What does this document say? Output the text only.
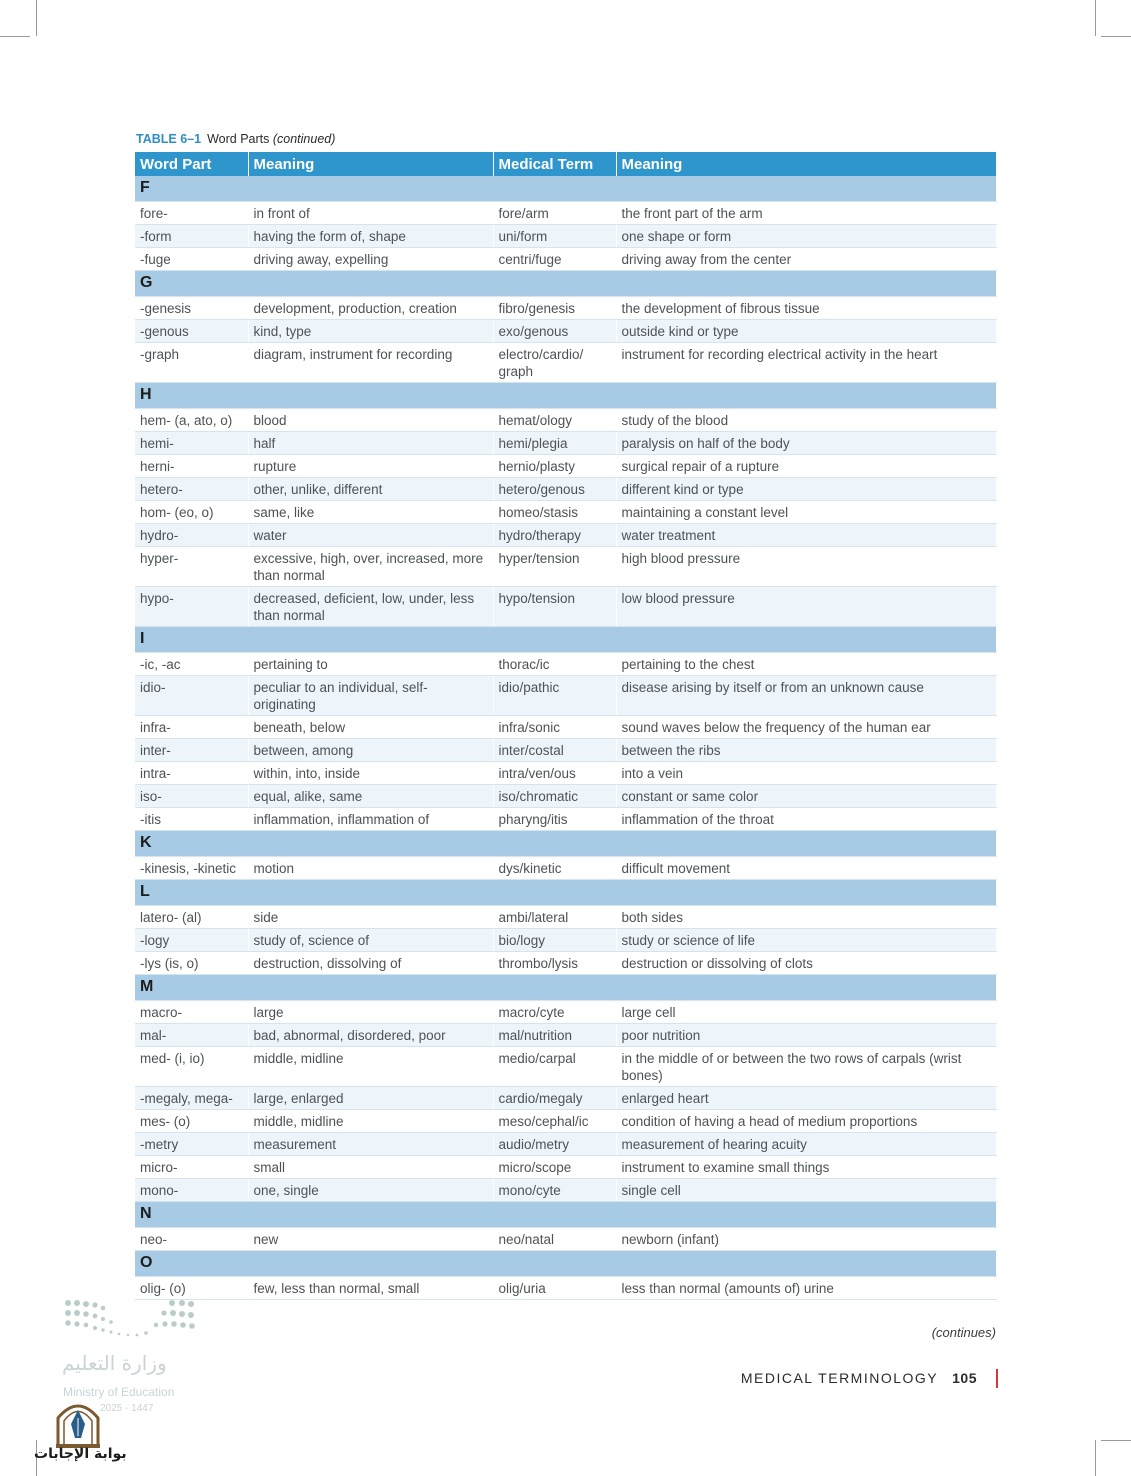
TABLE 6–1 Word Parts (continued)
Word Part	Meaning	Medical Term	Meaning
F			
fore-	in front of	fore/arm	the front part of the arm
-form	having the form of, shape	uni/form	one shape or form
-fuge	driving away, expelling	centri/fuge	driving away from the center
G			
-genesis	development, production, creation	fibro/genesis	the development of fibrous tissue
-genous	kind, type	exo/genous	outside kind or type
-graph	diagram, instrument for recording	electro/cardio/ graph	instrument for recording electrical activity in the heart
H			
hem- (a, ato, o)	blood	hemat/ology	study of the blood
hemi-	half	hemi/plegia	paralysis on half of the body
herni-	rupture	hernio/plasty	surgical repair of a rupture
hetero-	other, unlike, different	hetero/genous	different kind or type
hom- (eo, o)	same, like	homeo/stasis	maintaining a constant level
hydro-	water	hydro/therapy	water treatment
hyper-	excessive, high, over, increased, more than normal	hyper/tension	high blood pressure
hypo-	decreased, deficient, low, under, less than normal	hypo/tension	low blood pressure
I			
-ic, -ac	pertaining to	thorac/ic	pertaining to the chest
idio-	peculiar to an individual, self-originating	idio/pathic	disease arising by itself or from an unknown cause
infra-	beneath, below	infra/sonic	sound waves below the frequency of the human ear
inter-	between, among	inter/costal	between the ribs
intra-	within, into, inside	intra/ven/ous	into a vein
iso-	equal, alike, same	iso/chromatic	constant or same color
-itis	inflammation, inflammation of	pharyng/itis	inflammation of the throat
K			
-kinesis, -kinetic	motion	dys/kinetic	difficult movement
L			
latero- (al)	side	ambi/lateral	both sides
-logy	study of, science of	bio/logy	study or science of life
-lys (is, o)	destruction, dissolving of	thrombo/lysis	destruction or dissolving of clots
M			
macro-	large	macro/cyte	large cell
mal-	bad, abnormal, disordered, poor	mal/nutrition	poor nutrition
med- (i, io)	middle, midline	medio/carpal	in the middle of or between the two rows of carpals (wrist bones)
-megaly, mega-	large, enlarged	cardio/megaly	enlarged heart
mes- (o)	middle, midline	meso/cephal/ic	condition of having a head of medium proportions
-metry	measurement	audio/metry	measurement of hearing acuity
micro-	small	micro/scope	instrument to examine small things
mono-	one, single	mono/cyte	single cell
N			
neo-	new	neo/natal	newborn (infant)
O			
olig- (o)	few, less than normal, small	olig/uria	less than normal (amounts of) urine
(continues)
MEDICAL TERMINOLOGY 105
وزارة التعليم
Ministry of Education
2025 - 1447
بوابة الإجابات
